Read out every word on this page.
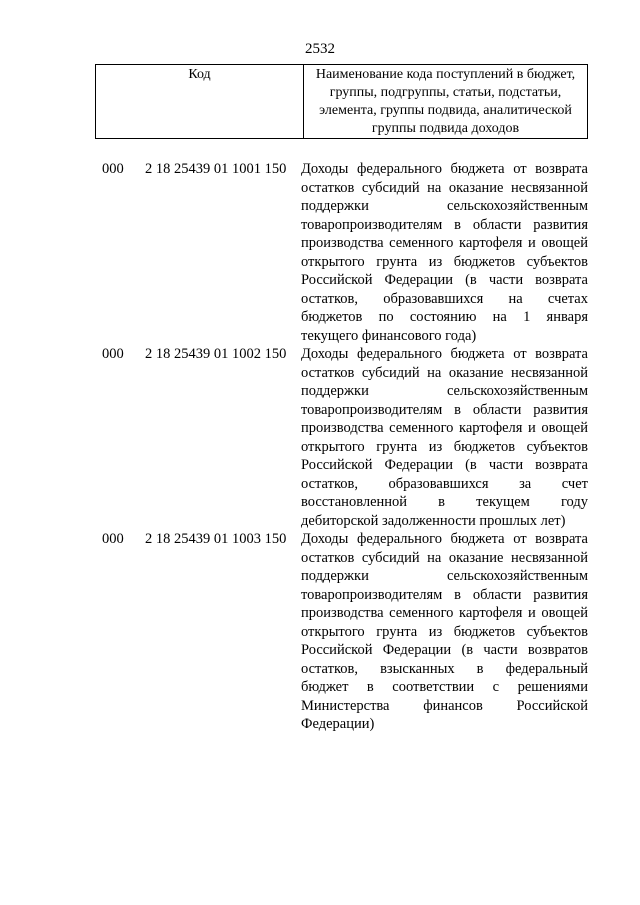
2532
Код	Наименование кода поступлений в бюджет, группы, подгруппы, статьи, подстатьи, элемента, группы подвида, аналитической группы подвида доходов
000 2 18 25439 01 1001 150 Доходы федерального бюджета от возврата
остатков субсидий на оказание несвязанной
поддержки сельскохозяйственным
товаропроизводителям в области развития
производства семенного картофеля и овощей
открытого грунта из бюджетов субъектов
Российской Федерации (в части возврата
остатков, образовавшихся на счетах
бюджетов по состоянию на 1 января
текущего финансового года)
000 2 18 25439 01 1002 150 Доходы федерального бюджета от возврата
остатков субсидий на оказание несвязанной
поддержки сельскохозяйственным
товаропроизводителям в области развития
производства семенного картофеля и овощей
открытого грунта из бюджетов субъектов
Российской Федерации (в части возврата
остатков, образовавшихся за счет
восстановленной в текущем году
дебиторской задолженности прошлых лет)
000 2 18 25439 01 1003 150 Доходы федерального бюджета от возврата
остатков субсидий на оказание несвязанной
поддержки сельскохозяйственным
товаропроизводителям в области развития
производства семенного картофеля и овощей
открытого грунта из бюджетов субъектов
Российской Федерации (в части возвратов
остатков, взысканных в федеральный
бюджет в соответствии с решениями
Министерства финансов Российской
Федерации)
